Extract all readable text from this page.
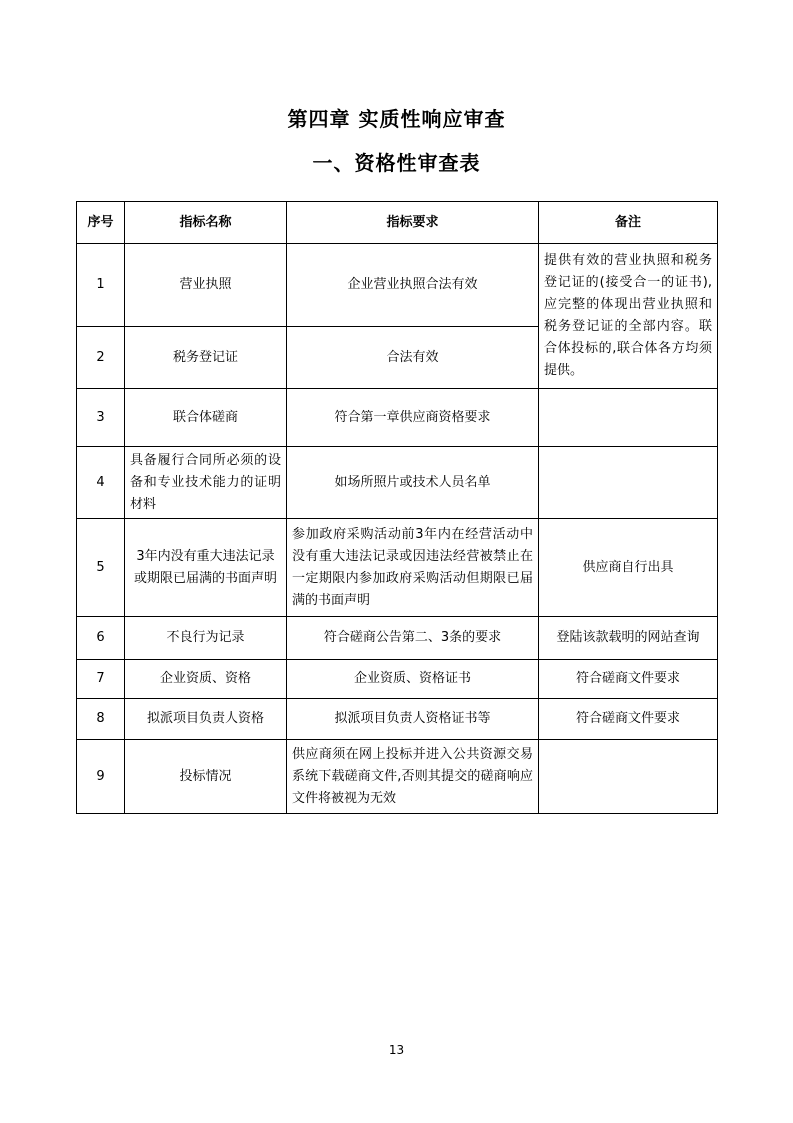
第四章 实质性响应审查
一、资格性审查表
序号	指标名称	指标要求	备注
1	营业执照	企业营业执照合法有效	提供有效的营业执照和税务登记证的(接受合一的证书),应完整的体现出营业执照和税务登记证的全部内容。联合体投标的,联合体各方均须提供。
2	税务登记证	合法有效	
3	联合体磋商	符合第一章供应商资格要求	
4	具备履行合同所必须的设备和专业技术能力的证明材料	如场所照片或技术人员名单	
5	3年内没有重大违法记录或期限已届满的书面声明	参加政府采购活动前3年内在经营活动中没有重大违法记录或因违法经营被禁止在一定期限内参加政府采购活动但期限已届满的书面声明	供应商自行出具
6	不良行为记录	符合磋商公告第二、3条的要求	登陆该款载明的网站查询
7	企业资质、资格	企业资质、资格证书	符合磋商文件要求
8	拟派项目负责人资格	拟派项目负责人资格证书等	符合磋商文件要求
9	投标情况	供应商须在网上投标并进入公共资源交易系统下载磋商文件,否则其提交的磋商响应文件将被视为无效	
13
